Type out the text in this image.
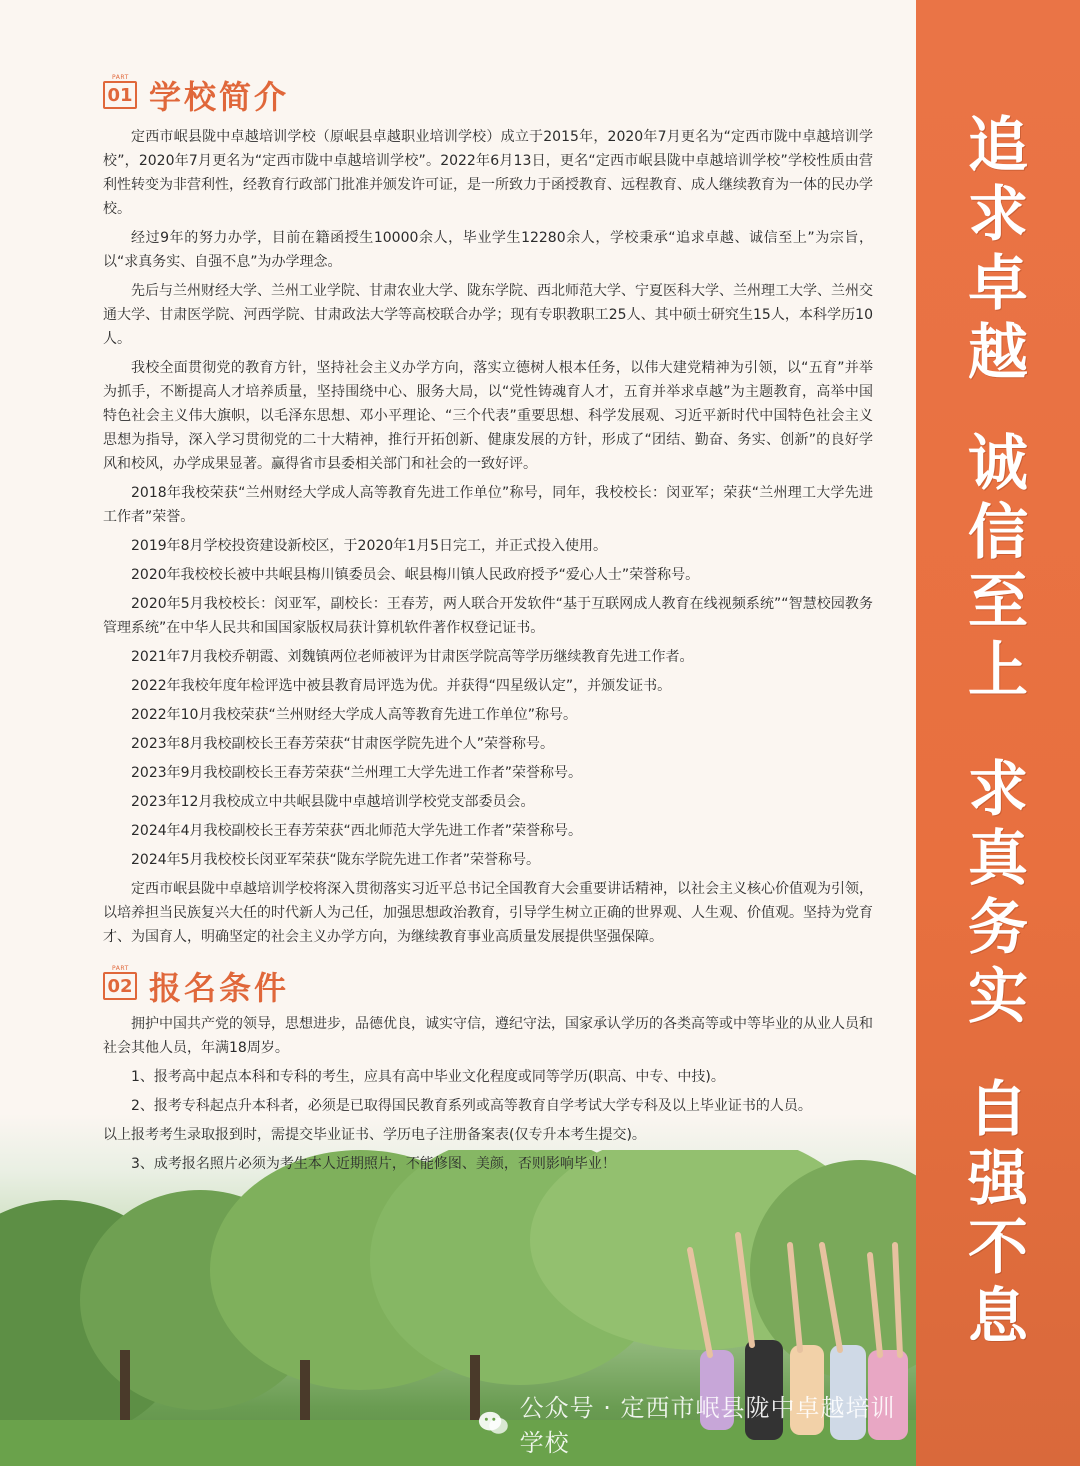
PART
01 学校简介

定西市岷县陇中卓越培训学校（原岷县卓越职业培训学校）成立于2015年，2020年7月更名为“定西市陇中卓越培训学校”，2020年7月更名为“定西市陇中卓越培训学校”。2022年6月13日，更名“定西市岷县陇中卓越培训学校”学校性质由营利性转变为非营利性，经教育行政部门批准并颁发许可证，是一所致力于函授教育、远程教育、成人继续教育为一体的民办学校。

经过9年的努力办学，目前在籍函授生10000余人，毕业学生12280余人，学校秉承“追求卓越、诚信至上”为宗旨，以“求真务实、自强不息”为办学理念。

先后与兰州财经大学、兰州工业学院、甘肃农业大学、陇东学院、西北师范大学、宁夏医科大学、兰州理工大学、兰州交通大学、甘肃医学院、河西学院、甘肃政法大学等高校联合办学；现有专职教职工25人、其中硕士研究生15人，本科学历10人。

我校全面贯彻党的教育方针，坚持社会主义办学方向，落实立德树人根本任务，以伟大建党精神为引领，以“五育”并举为抓手，不断提高人才培养质量，坚持围绕中心、服务大局，以“党性铸魂育人才，五育并举求卓越”为主题教育，高举中国特色社会主义伟大旗帜，以毛泽东思想、邓小平理论、“三个代表”重要思想、科学发展观、习近平新时代中国特色社会主义思想为指导，深入学习贯彻党的二十大精神，推行开拓创新、健康发展的方针，形成了“团结、勤奋、务实、创新”的良好学风和校风，办学成果显著。赢得省市县委相关部门和社会的一致好评。

2018年我校荣获“兰州财经大学成人高等教育先进工作单位”称号，同年，我校校长：闵亚军；荣获“兰州理工大学先进工作者”荣誉。

2019年8月学校投资建设新校区，于2020年1月5日完工，并正式投入使用。

2020年我校校长被中共岷县梅川镇委员会、岷县梅川镇人民政府授予“爱心人士”荣誉称号。

2020年5月我校校长：闵亚军，副校长：王春芳，两人联合开发软件“基于互联网成人教育在线视频系统”“智慧校园教务管理系统”在中华人民共和国国家版权局获计算机软件著作权登记证书。

2021年7月我校乔朝霞、刘魏镇两位老师被评为甘肃医学院高等学历继续教育先进工作者。

2022年我校年度年检评选中被县教育局评选为优。并获得“四星级认定”，并颁发证书。

2022年10月我校荣获“兰州财经大学成人高等教育先进工作单位”称号。

2023年8月我校副校长王春芳荣获“甘肃医学院先进个人”荣誉称号。

2023年9月我校副校长王春芳荣获“兰州理工大学先进工作者”荣誉称号。

2023年12月我校成立中共岷县陇中卓越培训学校党支部委员会。

2024年4月我校副校长王春芳荣获“西北师范大学先进工作者”荣誉称号。

2024年5月我校校长闵亚军荣获“陇东学院先进工作者”荣誉称号。

定西市岷县陇中卓越培训学校将深入贯彻落实习近平总书记全国教育大会重要讲话精神，以社会主义核心价值观为引领，以培养担当民族复兴大任的时代新人为己任，加强思想政治教育，引导学生树立正确的世界观、人生观、价值观。坚持为党育才、为国育人，明确坚定的社会主义办学方向，为继续教育事业高质量发展提供坚强保障。

PART
02 报名条件

拥护中国共产党的领导，思想进步，品德优良，诚实守信，遵纪守法，国家承认学历的各类高等或中等毕业的从业人员和社会其他人员，年满18周岁。

1、报考高中起点本科和专科的考生，应具有高中毕业文化程度或同等学历(职高、中专、中技)。

2、报考专科起点升本科者，必须是已取得国民教育系列或高等教育自学考试大学专科及以上毕业证书的人员。

以上报考考生录取报到时，需提交毕业证书、学历电子注册备案表(仅专升本考生提交)。

3、成考报名照片必须为考生本人近期照片，不能修图、美颜，否则影响毕业！

公众号 · 定西市岷县陇中卓越培训学校
追
求
卓
越
诚
信
至
上
求
真
务
实
自
强
不
息
